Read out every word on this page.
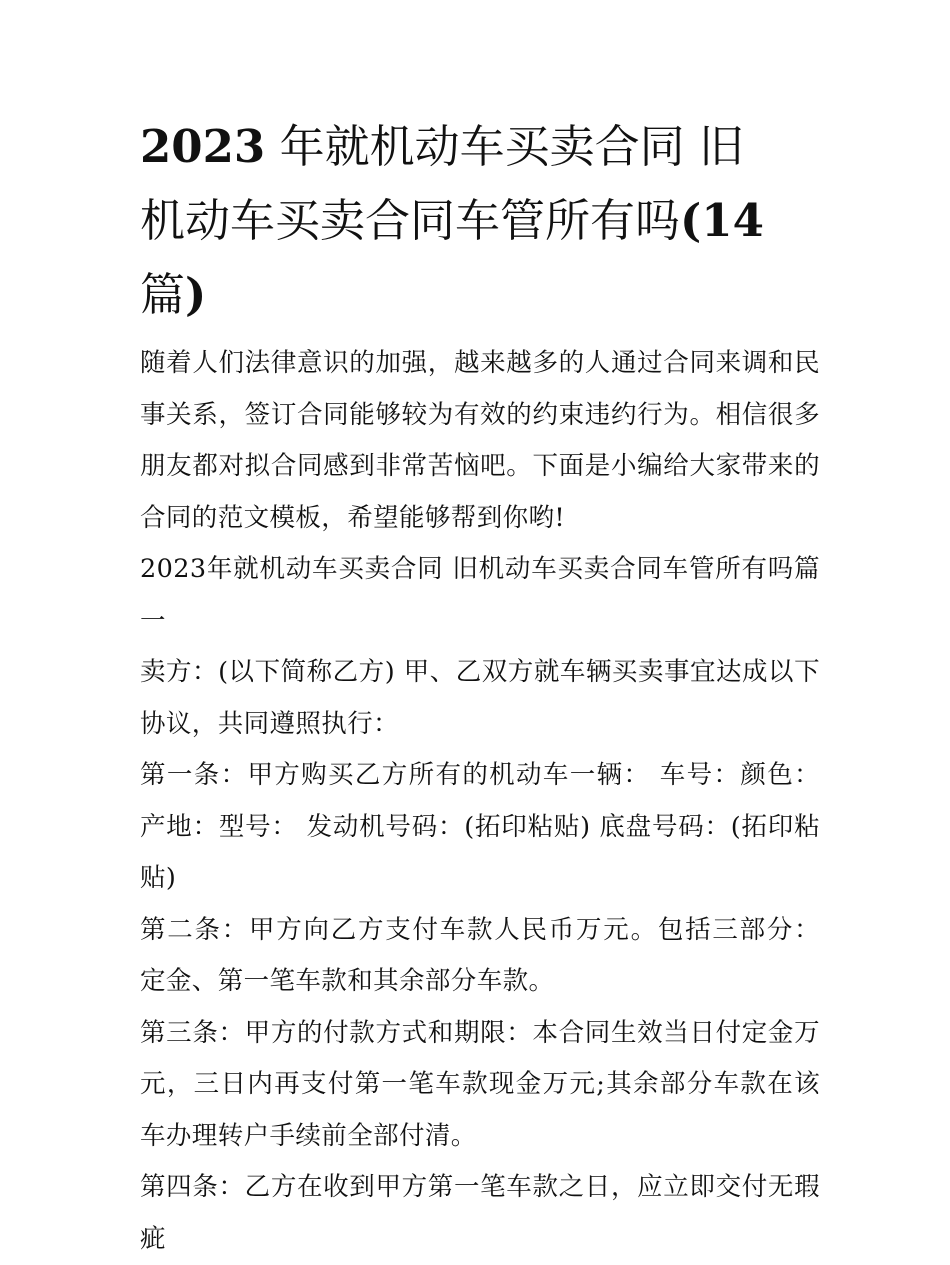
2023 年就机动车买卖合同 旧
机动车买卖合同车管所有吗(14
篇)

随着人们法律意识的加强，越来越多的人通过合同来调和民事关系，签订合同能够较为有效的约束违约行为。相信很多朋友都对拟合同感到非常苦恼吧。下面是小编给大家带来的合同的范文模板，希望能够帮到你哟!

2023年就机动车买卖合同 旧机动车买卖合同车管所有吗篇一

卖方：(以下简称乙方) 甲、乙双方就车辆买卖事宜达成以下协议，共同遵照执行：

第一条：甲方购买乙方所有的机动车一辆： 车号：颜色： 产地：型号： 发动机号码：(拓印粘贴) 底盘号码：(拓印粘贴)

第二条：甲方向乙方支付车款人民币万元。包括三部分： 定金、第一笔车款和其余部分车款。

第三条：甲方的付款方式和期限：本合同生效当日付定金万元，三日内再支付第一笔车款现金万元;其余部分车款在该车办理转户手续前全部付清。

第四条：乙方在收到甲方第一笔车款之日，应立即交付无瑕疵
